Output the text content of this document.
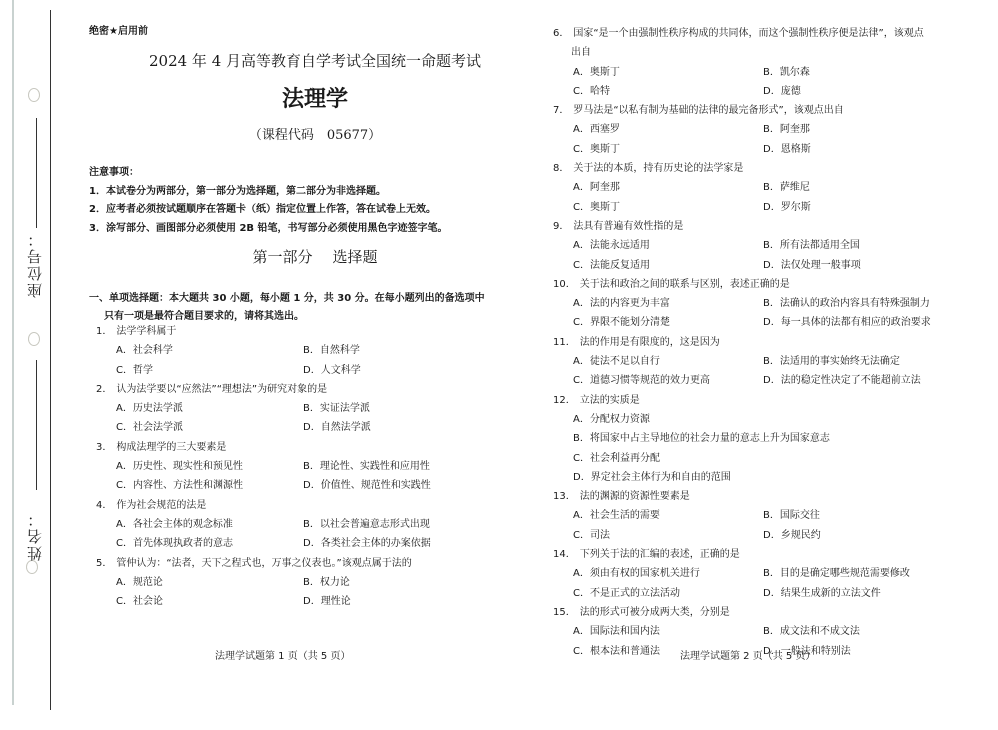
座位号：
姓名：
绝密★启用前
2024 年 4 月高等教育自学考试全国统一命题考试
法理学
（课程代码　05677）
注意事项：
1．本试卷分为两部分，第一部分为选择题，第二部分为非选择题。
2．应考者必须按试题顺序在答题卡（纸）指定位置上作答，答在试卷上无效。
3．涂写部分、画图部分必须使用 2B 铅笔，书写部分必须使用黑色字迹签字笔。
第一部分 选择题
一、单项选择题：本大题共 30 小题，每小题 1 分，共 30 分。在每小题列出的备选项中
只有一项是最符合题目要求的，请将其选出。
1． 法学学科属于
A．社会科学	B．自然科学
C．哲学	D．人文科学
2． 认为法学要以“应然法”“理想法”为研究对象的是
A．历史法学派	B．实证法学派
C．社会法学派	D．自然法学派
3． 构成法理学的三大要素是
A．历史性、现实性和预见性	B．理论性、实践性和应用性
C．内容性、方法性和渊源性	D．价值性、规范性和实践性
4． 作为社会规范的法是
A．各社会主体的观念标准	B．以社会普遍意志形式出现
C．首先体现执政者的意志	D．各类社会主体的办案依据
5． 管仲认为：“法者，天下之程式也，万事之仪表也。”该观点属于法的
A．规范论	B．权力论
C．社会论	D．理性论
6． 国家“是一个由强制性秩序构成的共同体，而这个强制性秩序便是法律”，该观点
出自
A．奥斯丁	B．凯尔森
C．哈特	D．庞德
7． 罗马法是“以私有制为基础的法律的最完备形式”，该观点出自
A．西塞罗	B．阿奎那
C．奥斯丁	D．恩格斯
8． 关于法的本质，持有历史论的法学家是
A．阿奎那	B．萨维尼
C．奥斯丁	D．罗尔斯
9． 法具有普遍有效性指的是
A．法能永远适用	B．所有法都适用全国
C．法能反复适用	D．法仅处理一般事项
10． 关于法和政治之间的联系与区别，表述正确的是
A．法的内容更为丰富	B．法确认的政治内容具有特殊强制力
C．界限不能划分清楚	D．每一具体的法都有相应的政治要求
11． 法的作用是有限度的，这是因为
A．徒法不足以自行	B．法适用的事实始终无法确定
C．道德习惯等规范的效力更高	D．法的稳定性决定了不能超前立法
12． 立法的实质是
A．分配权力资源
B．将国家中占主导地位的社会力量的意志上升为国家意志
C．社会利益再分配
D．界定社会主体行为和自由的范围
13． 法的渊源的资源性要素是
A．社会生活的需要	B．国际交往
C．司法	D．乡规民约
14． 下列关于法的汇编的表述，正确的是
A．须由有权的国家机关进行	B．目的是确定哪些规范需要修改
C．不是正式的立法活动	D．结果生成新的立法文件
15． 法的形式可被分成两大类，分别是
A．国际法和国内法	B．成文法和不成文法
C．根本法和普通法	D．一般法和特别法
法理学试题第 1 页（共 5 页）	法理学试题第 2 页（共 5 页）
